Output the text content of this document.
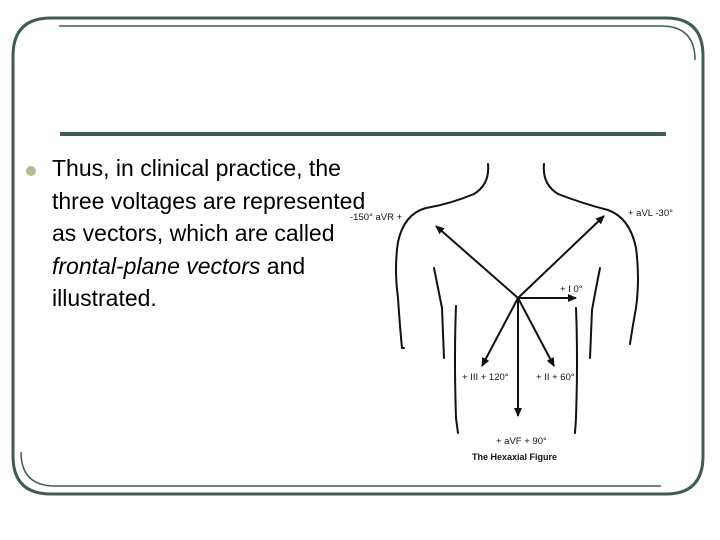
Thus, in clinical practice, the three voltages are represented as vectors, which are called frontal-plane vectors and illustrated.
-150° aVR +	+ aVL -30°
+ I 0°
+ III + 120°	+ II + 60°
+ aVF + 90°
The Hexaxial Figure
